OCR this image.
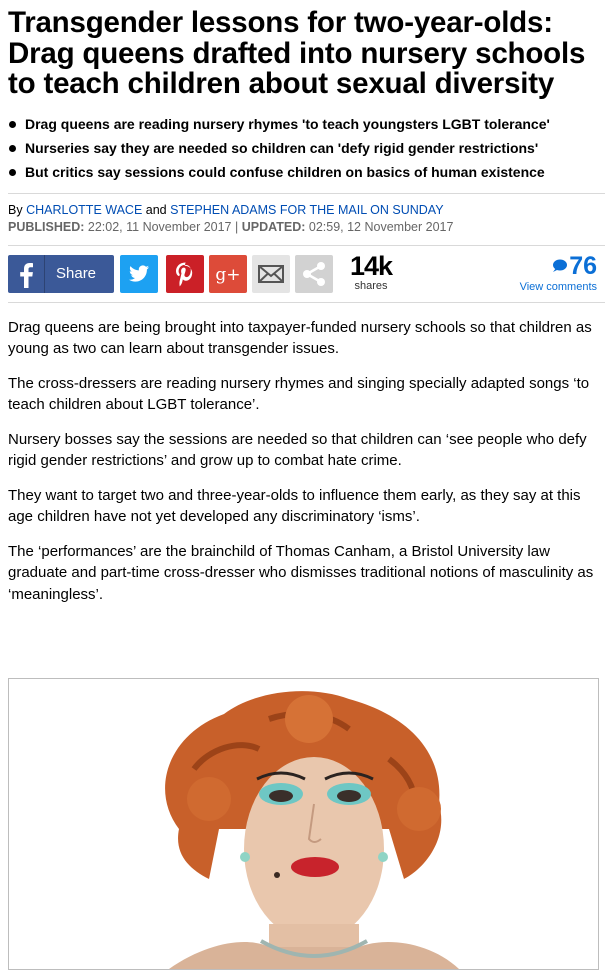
Transgender lessons for two-year-olds: Drag queens drafted into nursery schools to teach children about sexual diversity
Drag queens are reading nursery rhymes 'to teach youngsters LGBT tolerance'
Nurseries say they are needed so children can 'defy rigid gender restrictions'
But critics say sessions could confuse children on basics of human existence
By CHARLOTTE WACE and STEPHEN ADAMS FOR THE MAIL ON SUNDAY
PUBLISHED: 22:02, 11 November 2017 | UPDATED: 02:59, 12 November 2017
Share	g+	14k
shares
76
View comments

Drag queens are being brought into taxpayer-funded nursery schools so that children as young as two can learn about transgender issues.

The cross-dressers are reading nursery rhymes and singing specially adapted songs ‘to teach children about LGBT tolerance’.

Nursery bosses say the sessions are needed so that children can ‘see people who defy rigid gender restrictions’ and grow up to combat hate crime.

They want to target two and three-year-olds to influence them early, as they say at this age children have not yet developed any discriminatory ‘isms’.

The ‘performances’ are the brainchild of Thomas Canham, a Bristol University law graduate and part-time cross-dresser who dismisses traditional notions of masculinity as ‘meaningless’.
